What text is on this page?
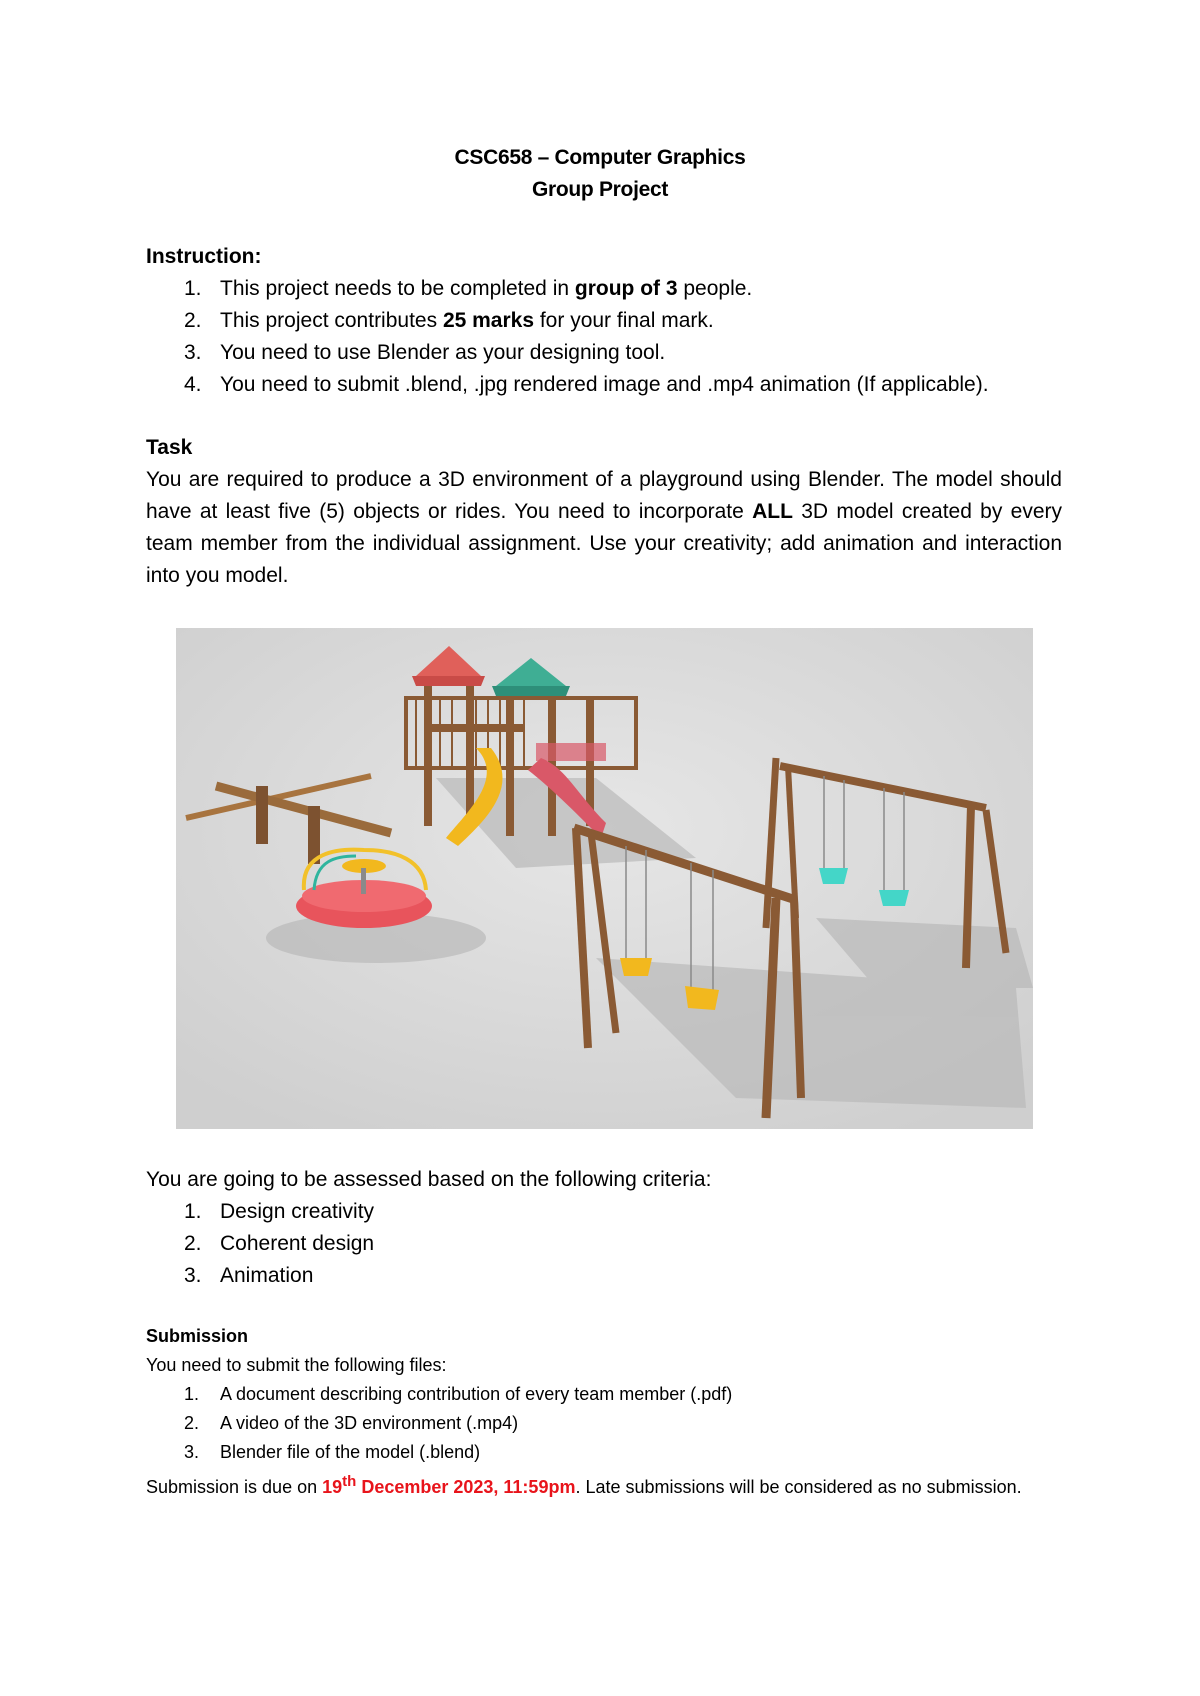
CSC658 – Computer Graphics
Group Project
Instruction:
1. This project needs to be completed in group of 3 people.
2. This project contributes 25 marks for your final mark.
3. You need to use Blender as your designing tool.
4. You need to submit .blend, .jpg rendered image and .mp4 animation (If applicable).
Task
You are required to produce a 3D environment of a playground using Blender. The model should have at least five (5) objects or rides. You need to incorporate ALL 3D model created by every team member from the individual assignment. Use your creativity; add animation and interaction into you model.
You are going to be assessed based on the following criteria:
1. Design creativity
2. Coherent design
3. Animation
Submission
You need to submit the following files:
1. A document describing contribution of every team member (.pdf)
2. A video of the 3D environment (.mp4)
3. Blender file of the model (.blend)
Submission is due on 19th December 2023, 11:59pm. Late submissions will be considered as no submission.
